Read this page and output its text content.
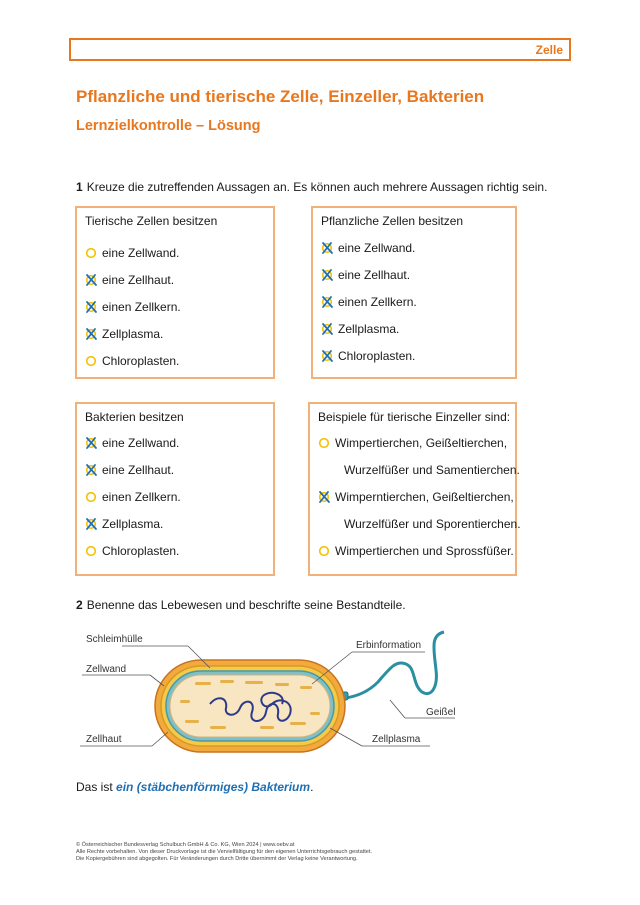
Zelle
Pflanzliche und tierische Zelle, Einzeller, Bakterien
Lernzielkontrolle – Lösung
1 Kreuze die zutreffenden Aussagen an. Es können auch mehrere Aussagen richtig sein.
Tierische Zellen besitzen
eine Zellwand.
eine Zellhaut.
einen Zellkern.
Zellplasma.
Chloroplasten.
Pflanzliche Zellen besitzen
eine Zellwand.
eine Zellhaut.
einen Zellkern.
Zellplasma.
Chloroplasten.
Bakterien besitzen
eine Zellwand.
eine Zellhaut.
einen Zellkern.
Zellplasma.
Chloroplasten.
Beispiele für tierische Einzeller sind:
Wimpertierchen, Geißeltierchen,
Wurzelfüßer und Samentierchen.
Wimperntierchen, Geißeltierchen,
Wurzelfüßer und Sporentierchen.
Wimpertierchen und Sprossfüßer.
2 Benenne das Lebewesen und beschrifte seine Bestandteile.
Schleimhülle
Zellwand
Zellhaut
Erbinformation
Geißel
Zellplasma
Das ist ein (stäbchenförmiges) Bakterium.
© Österreichischer Bundesverlag Schulbuch GmbH & Co. KG, Wien 2024 | www.oebv.at
Alle Rechte vorbehalten. Von dieser Druckvorlage ist die Vervielfältigung für den eigenen Unterrichtsgebrauch gestattet.
Die Kopiergebühren sind abgegolten. Für Veränderungen durch Dritte übernimmt der Verlag keine Verantwortung.
